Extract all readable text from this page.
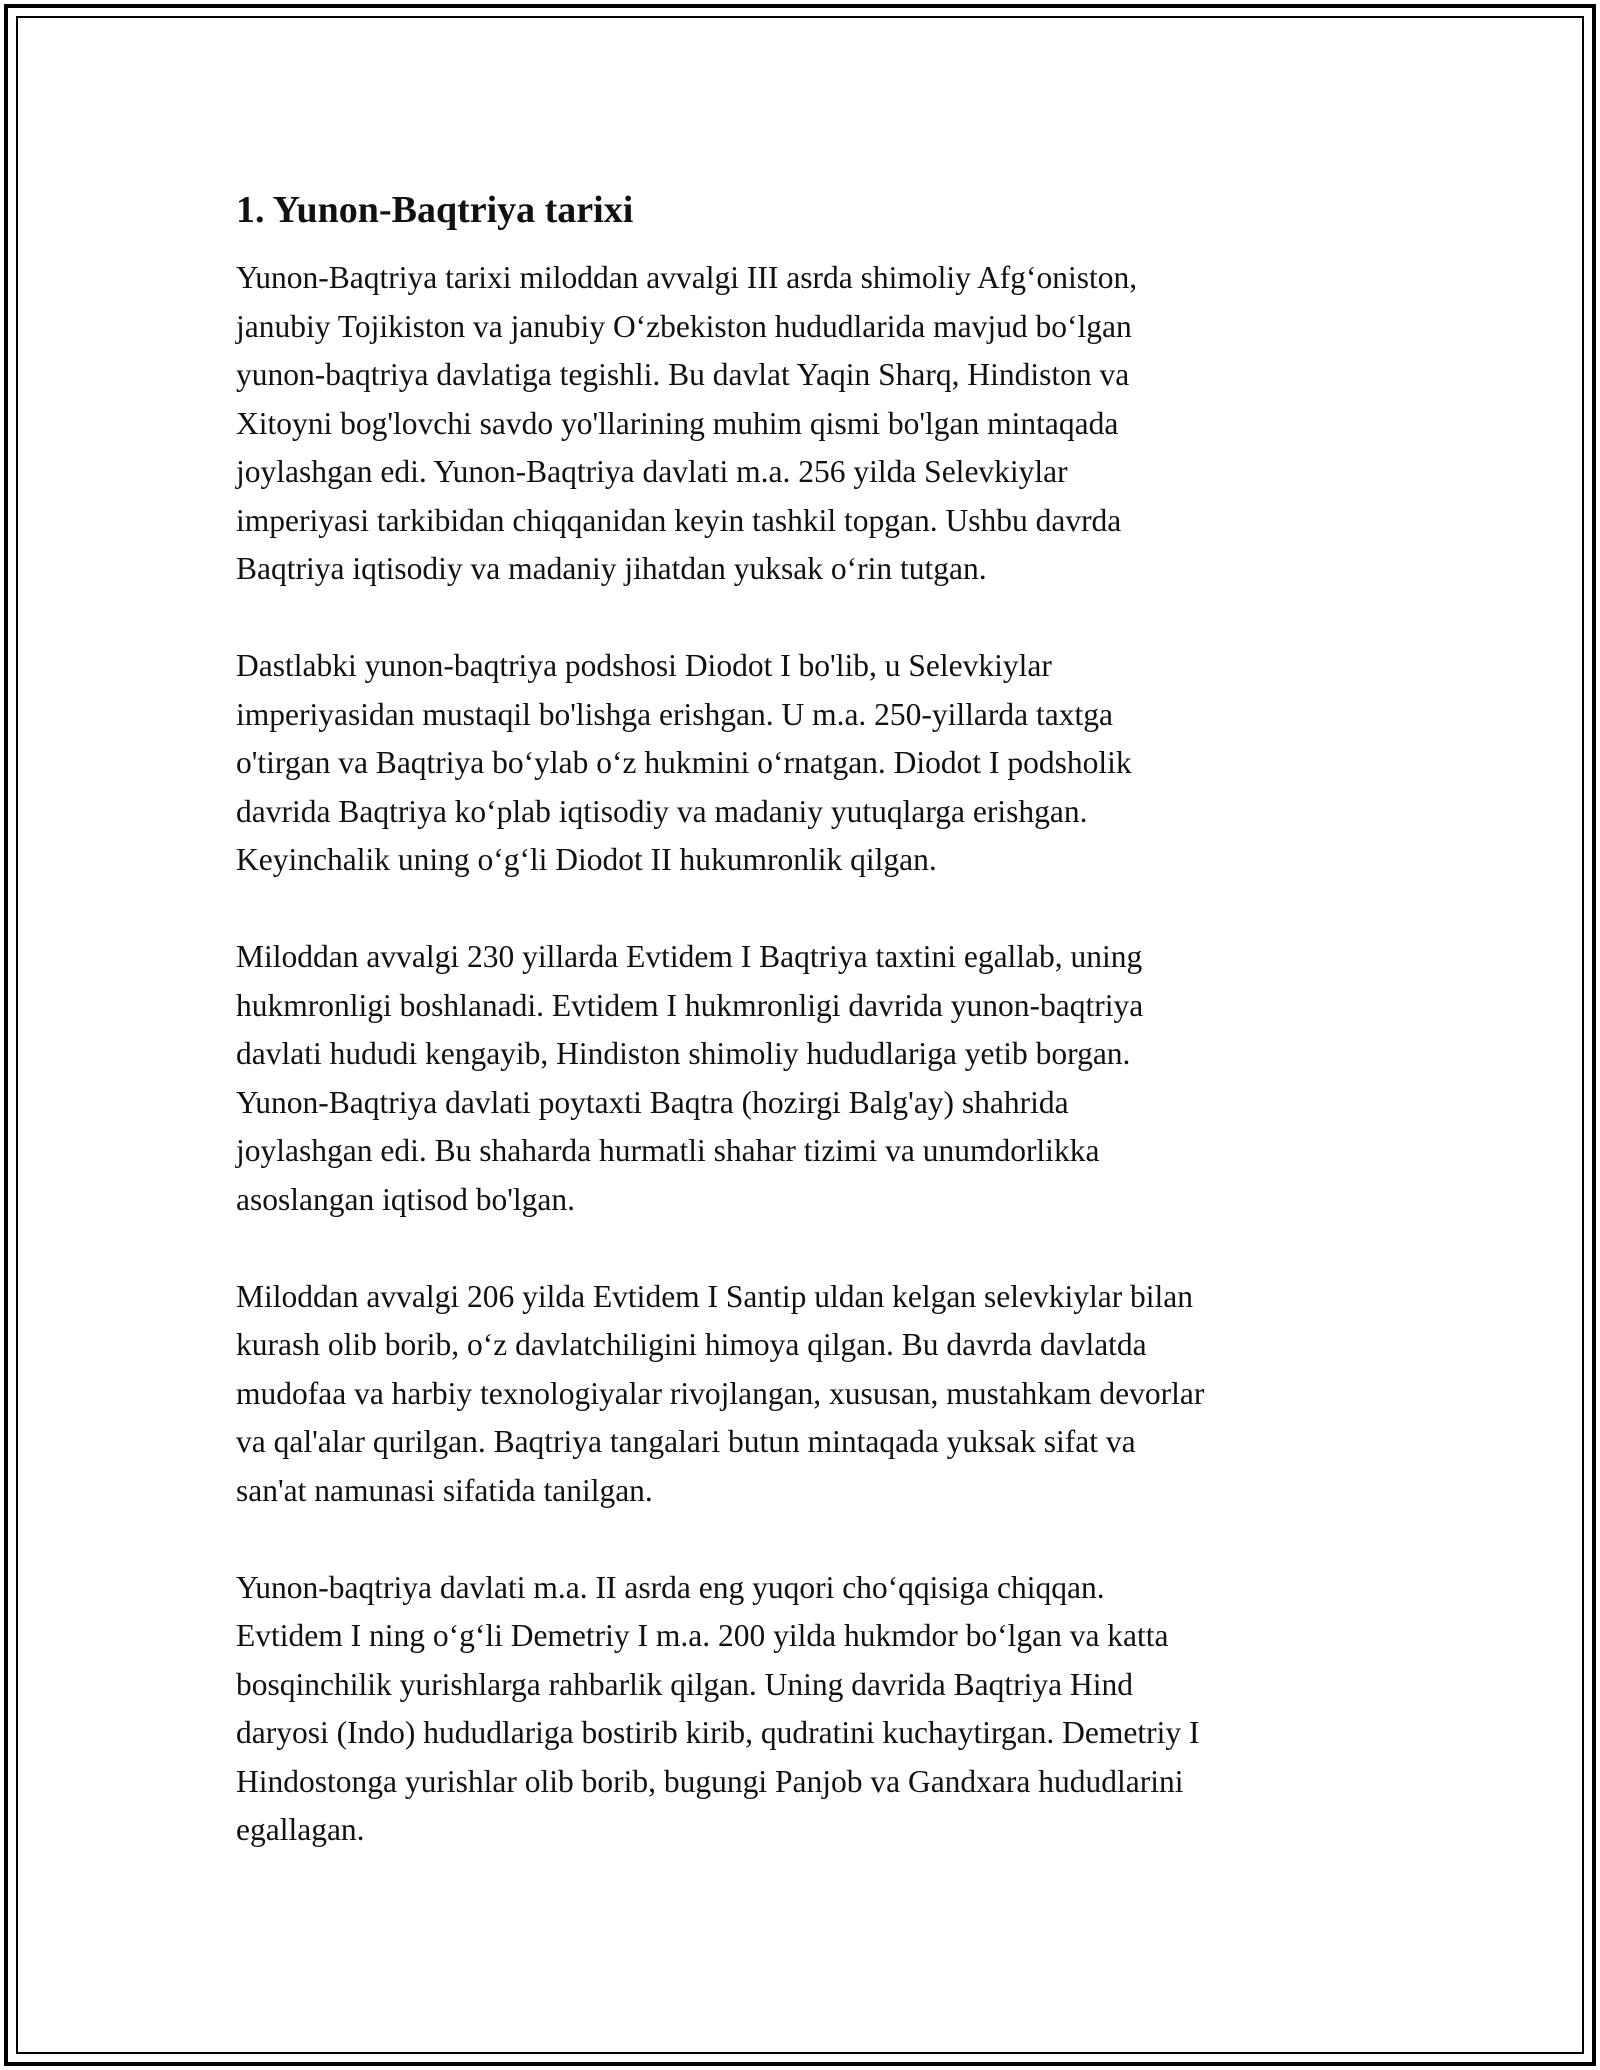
1. Yunon-Baqtriya tarixi

Yunon-Baqtriya tarixi miloddan avvalgi III asrda shimoliy Afg‘oniston,
janubiy Tojikiston va janubiy O‘zbekiston hududlarida mavjud bo‘lgan
yunon-baqtriya davlatiga tegishli. Bu davlat Yaqin Sharq, Hindiston va
Xitoyni bog'lovchi savdo yo'llarining muhim qismi bo'lgan mintaqada
joylashgan edi. Yunon-Baqtriya davlati m.a. 256 yilda Selevkiylar
imperiyasi tarkibidan chiqqanidan keyin tashkil topgan. Ushbu davrda
Baqtriya iqtisodiy va madaniy jihatdan yuksak o‘rin tutgan.

Dastlabki yunon-baqtriya podshosi Diodot I bo'lib, u Selevkiylar
imperiyasidan mustaqil bo'lishga erishgan. U m.a. 250-yillarda taxtga
o'tirgan va Baqtriya bo‘ylab o‘z hukmini o‘rnatgan. Diodot I podsholik
davrida Baqtriya ko‘plab iqtisodiy va madaniy yutuqlarga erishgan.
Keyinchalik uning o‘g‘li Diodot II hukumronlik qilgan.

Miloddan avvalgi 230 yillarda Evtidem I Baqtriya taxtini egallab, uning
hukmronligi boshlanadi. Evtidem I hukmronligi davrida yunon-baqtriya
davlati hududi kengayib, Hindiston shimoliy hududlariga yetib borgan.
Yunon-Baqtriya davlati poytaxti Baqtra (hozirgi Balg'ay) shahrida
joylashgan edi. Bu shaharda hurmatli shahar tizimi va unumdorlikka
asoslangan iqtisod bo'lgan.

Miloddan avvalgi 206 yilda Evtidem I Santip uldan kelgan selevkiylar bilan
kurash olib borib, o‘z davlatchiligini himoya qilgan. Bu davrda davlatda
mudofaa va harbiy texnologiyalar rivojlangan, xususan, mustahkam devorlar
va qal'alar qurilgan. Baqtriya tangalari butun mintaqada yuksak sifat va
san'at namunasi sifatida tanilgan.

Yunon-baqtriya davlati m.a. II asrda eng yuqori cho‘qqisiga chiqqan.
Evtidem I ning o‘g‘li Demetriy I m.a. 200 yilda hukmdor bo‘lgan va katta
bosqinchilik yurishlarga rahbarlik qilgan. Uning davrida Baqtriya Hind
daryosi (Indo) hududlariga bostirib kirib, qudratini kuchaytirgan. Demetriy I
Hindostonga yurishlar olib borib, bugungi Panjob va Gandxara hududlarini
egallagan.
